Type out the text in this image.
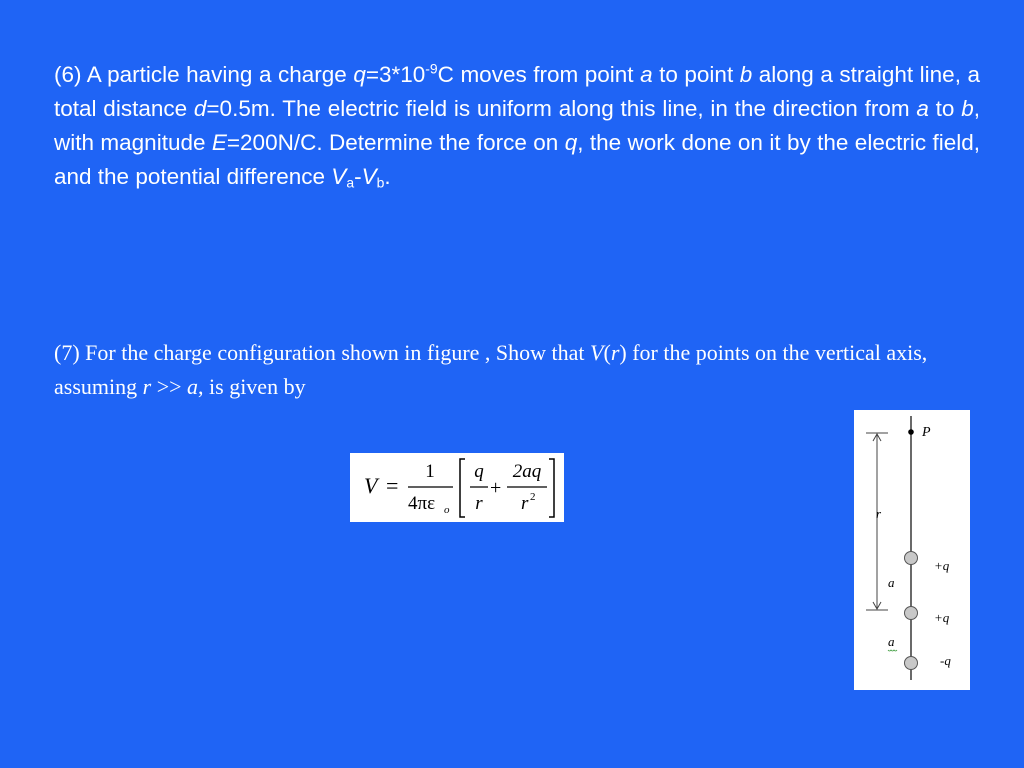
(6) A particle having a charge $q=3*10^{-9}C$ moves from point a to point b along a straight line, a total distance d=0.5m. The electric field is uniform along this line, in the direction from a to b, with magnitude E=200N/C. Determine the force on q, the work done on it by the electric field, and the potential difference $V_a-V_b$.

(7) For the charge configuration shown in figure , Show that V(r) for the points on the vertical axis, assuming r >> a, is given by

V =
1
4πε o
q
r
+
2aq
r 2
P
r
a
a
+q
+q
-q
